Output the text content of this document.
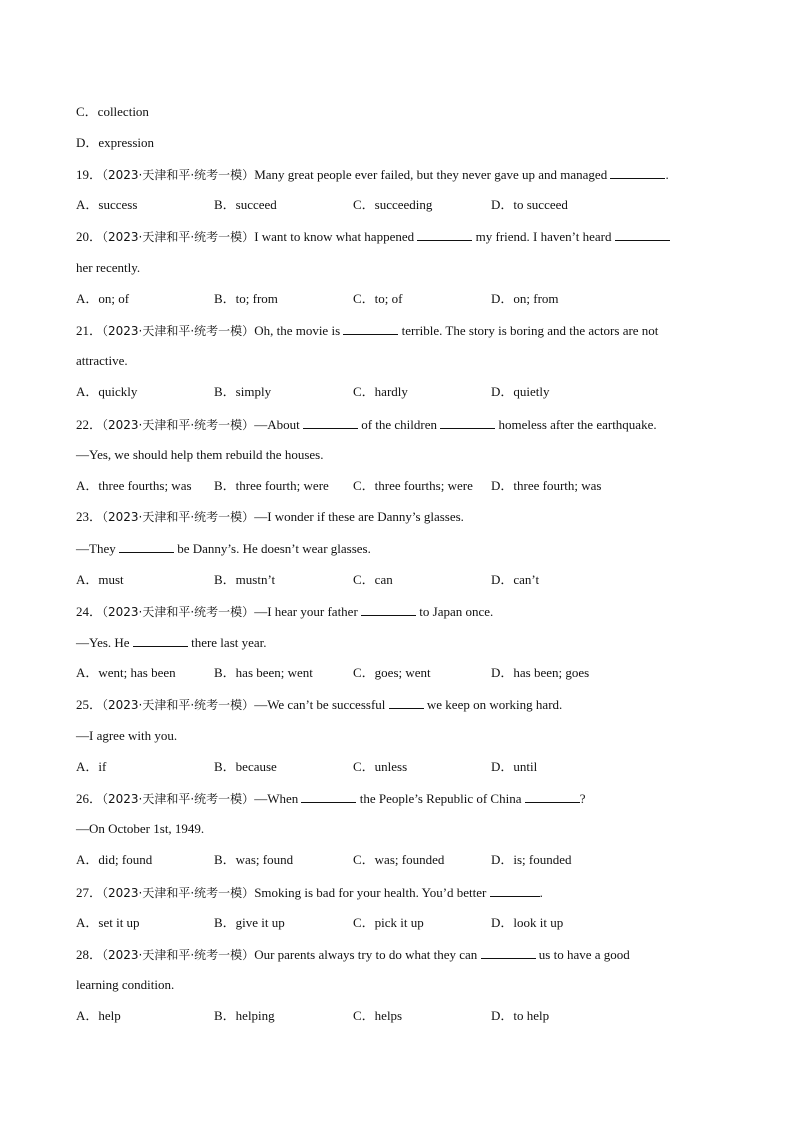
C．collection
D．expression
19．（2023·天津和平·统考一模）Many great people ever failed, but they never gave up and managed	.
A．success	B．succeed	C．succeeding	D．to succeed
20．（2023·天津和平·统考一模）I want to know what happened	my friend. I haven’t heard
her recently.
A．on; of	B．to; from	C．to; of	D．on; from
21．（2023·天津和平·统考一模）Oh, the movie is	terrible. The story is boring and the actors are not
attractive.
A．quickly	B．simply	C．hardly	D．quietly
22．（2023·天津和平·统考一模）—About	of the children	homeless after the earthquake.
—Yes, we should help them rebuild the houses.
A．three fourths; was B．three fourth; were C．three fourths; were D．three fourth; was
23．（2023·天津和平·统考一模）—I wonder if these are Danny’s glasses.
—They	be Danny’s. He doesn’t wear glasses.
A．must	B．mustn’t	C．can	D．can’t
24．（2023·天津和平·统考一模）—I hear your father	to Japan once.
—Yes. He	there last year.
A．went; has been	B．has been; went	C．goes; went	D．has been; goes
25．（2023·天津和平·统考一模）—We can’t be successful	we keep on working hard.
—I agree with you.
A．if	B．because	C．unless	D．until
26．（2023·天津和平·统考一模）—When	the People’s Republic of China	?
—On October 1st, 1949.
A．did; found	B．was; found	C．was; founded	D．is; founded
27．（2023·天津和平·统考一模）Smoking is bad for your health. You’d better	.
A．set it up	B．give it up	C．pick it up	D．look it up
28．（2023·天津和平·统考一模）Our parents always try to do what they can	us to have a good
learning condition.
A．help	B．helping	C．helps	D．to help
